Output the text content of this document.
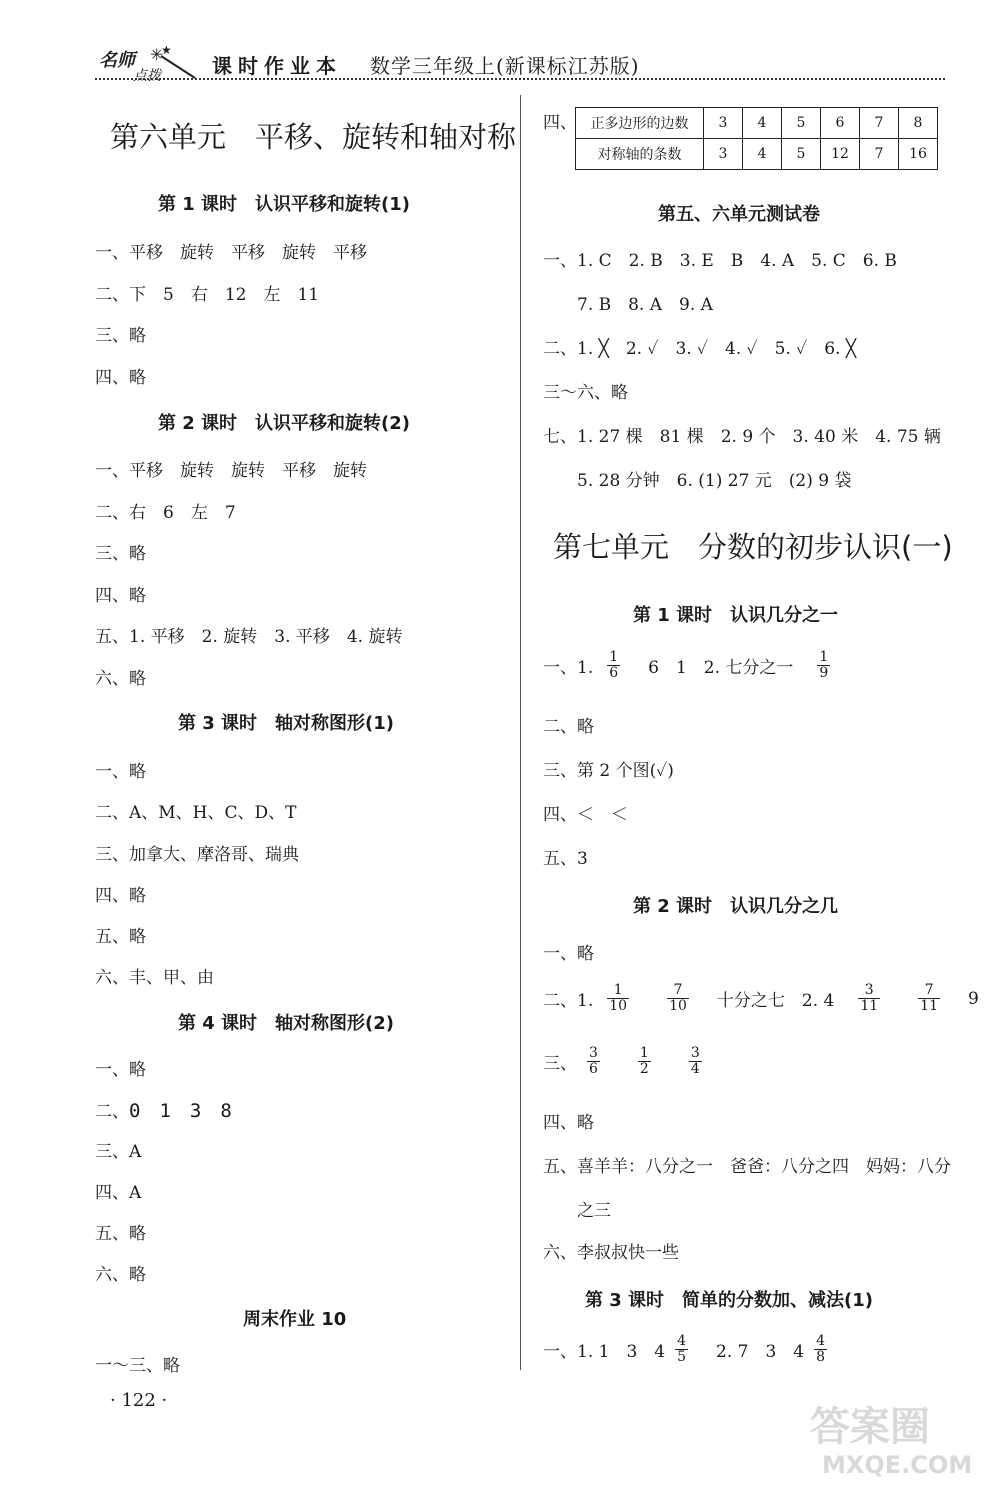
名师
点拨
✳
★
课时作业本 数学三年级上(新课标江苏版)
第六单元　平移、旋转和轴对称
第 1 课时　认识平移和旋转(1)
一、平移　旋转　平移　旋转　平移
二、下　5　右　12　左　11
三、略
四、略
第 2 课时　认识平移和旋转(2)
一、平移　旋转　旋转　平移　旋转
二、右　6　左　7
三、略
四、略
五、1. 平移　2. 旋转　3. 平移　4. 旋转
六、略
第 3 课时　轴对称图形(1)
一、略
二、A、M、H、C、D、T
三、加拿大、摩洛哥、瑞典
四、略
五、略
六、丰、甲、由
第 4 课时　轴对称图形(2)
一、略
二、 0　1　3　8
三、A
四、A
五、略
六、略
周末作业 10
一～三、略
· 122 ·
四、 正多边形的边数	3	4	5	6	7	8
对称轴的条数	3	4	5	12	7	16
第五、六单元测试卷
一、1. C　2. B　3. E　B　4. A　5. C　6. B
7. B　8. A　9. A
二、1. ╳　2. ✓　3. ✓　4. ✓　5. ✓　6. ╳
三～六、略
七、1. 27 棵　81 棵　2. 9 个　3. 40 米　4. 75 辆
5. 28 分钟　6. (1) 27 元　(2) 9 袋
第七单元　分数的初步认识(一)
第 1 课时　认识几分之一
一、1. $\frac{1}{6} 6$　1　2. 七分之一 $\frac{1}{9}$
二、略
三、第 2 个图(✓)
四、＜　＜
五、3
第 2 课时　认识几分之几
一、略
二、1. $\frac{1}{10} \frac{7}{10}$ 十分之七　2. $4 \frac{3}{11} \frac{7}{11} 9$
三、 $\frac{3}{6} \frac{1}{2} \frac{3}{4}$
四、略
五、喜羊羊：八分之一　爸爸：八分之四　妈妈：八分
之三
六、李叔叔快一些
第 3 课时　简单的分数加、减法(1)
一、1. 1　3　$4 \frac{4}{5} 2$. 7　3　$4 \frac{4}{8}$
答案圈
MXQE.COM
